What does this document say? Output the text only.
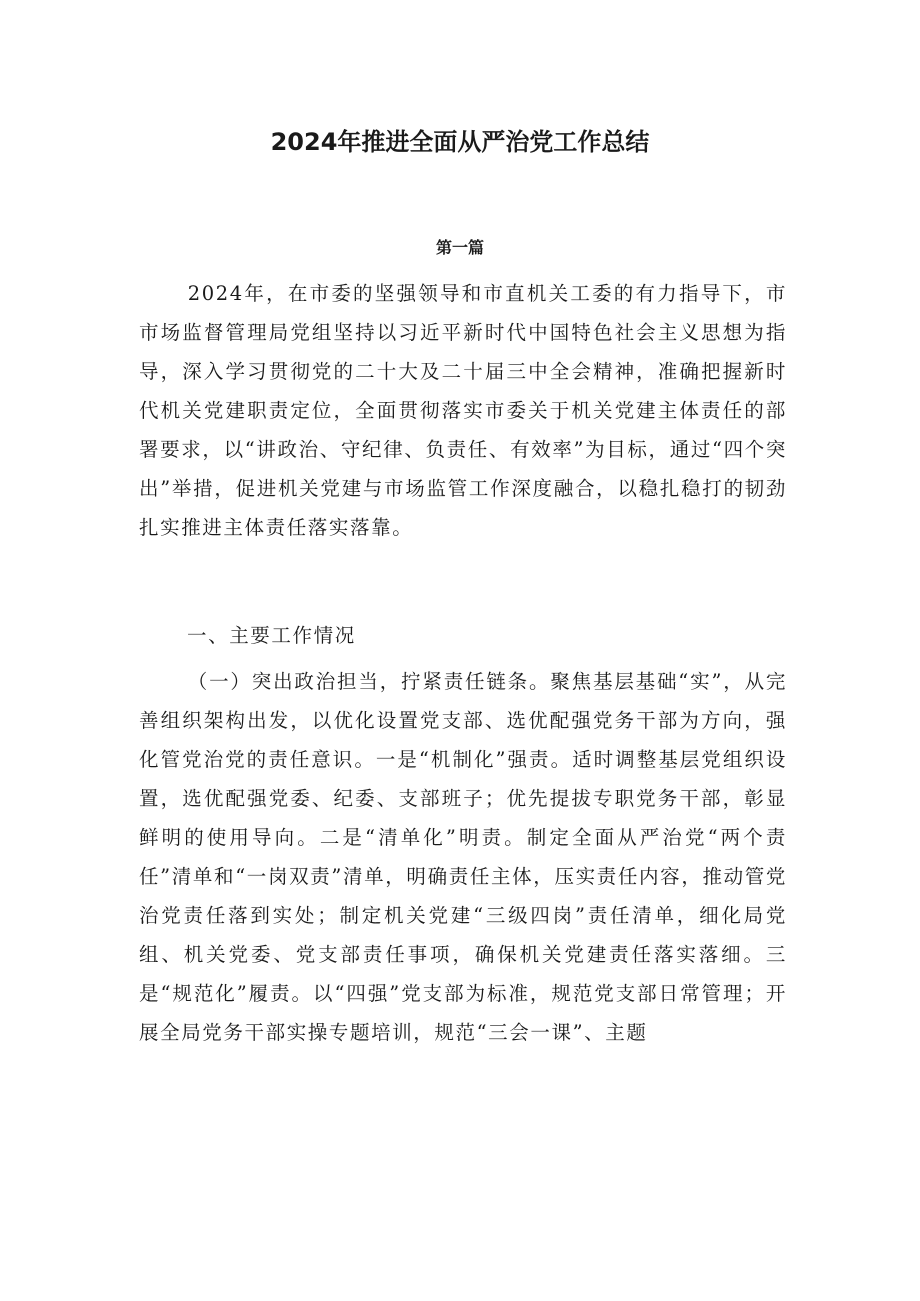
2024年推进全面从严治党工作总结
第一篇

2024年，在市委的坚强领导和市直机关工委的有力指导下，市市场监督管理局党组坚持以习近平新时代中国特色社会主义思想为指导，深入学习贯彻党的二十大及二十届三中全会精神，准确把握新时代机关党建职责定位，全面贯彻落实市委关于机关党建主体责任的部署要求，以“讲政治、守纪律、负责任、有效率”为目标，通过“四个突出”举措，促进机关党建与市场监管工作深度融合，以稳扎稳打的韧劲扎实推进主体责任落实落靠。

一、主要工作情况

（一）突出政治担当，拧紧责任链条。聚焦基层基础“实”，从完善组织架构出发，以优化设置党支部、选优配强党务干部为方向，强化管党治党的责任意识。一是“机制化”强责。适时调整基层党组织设置，选优配强党委、纪委、支部班子；优先提拔专职党务干部，彰显鲜明的使用导向。二是“清单化”明责。制定全面从严治党“两个责任”清单和“一岗双责”清单，明确责任主体，压实责任内容，推动管党治党责任落到实处；制定机关党建“三级四岗”责任清单，细化局党组、机关党委、党支部责任事项，确保机关党建责任落实落细。三是“规范化”履责。以“四强”党支部为标准，规范党支部日常管理；开展全局党务干部实操专题培训，规范“三会一课”、主题
